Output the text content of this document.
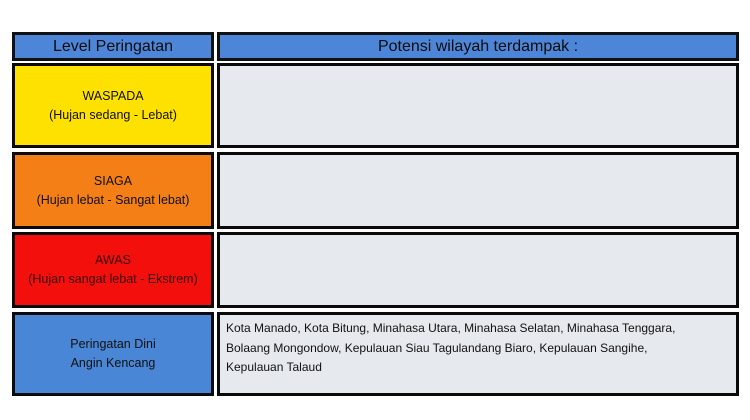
Level Peringatan	Potensi wilayah terdampak :
WASPADA
(Hujan sedang - Lebat)
SIAGA
(Hujan lebat - Sangat lebat)
AWAS
(Hujan sangat lebat - Ekstrem)
Peringatan Dini
Angin Kencang
Kota Manado, Kota Bitung, Minahasa Utara, Minahasa Selatan, Minahasa Tenggara,
Bolaang Mongondow, Kepulauan Siau Tagulandang Biaro, Kepulauan Sangihe,
Kepulauan Talaud
